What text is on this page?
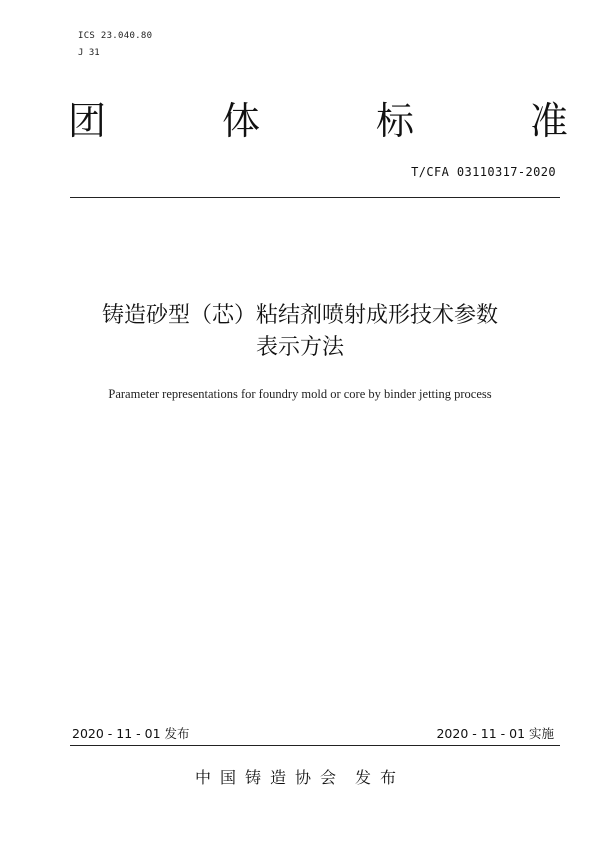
ICS 23.040.80
J 31
团	体	标	准
T/CFA 03110317-2020
铸造砂型（芯）粘结剂喷射成形技术参数
表示方法
Parameter representations for foundry mold or core by binder jetting process
2020 - 11 - 01 发布	2020 - 11 - 01 实施
中国铸造协会 发布
